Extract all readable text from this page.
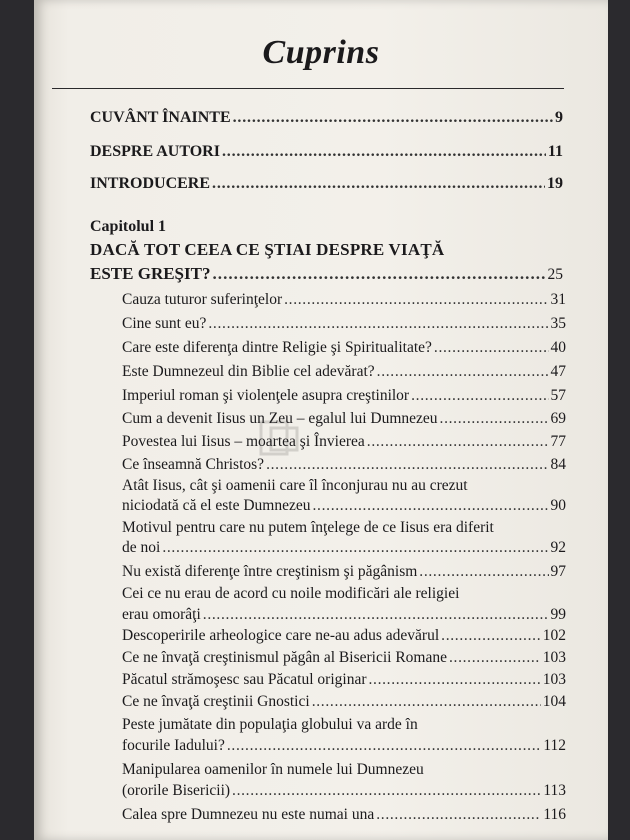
Cuprins
CUVÂNT ÎNAINTE . . .	9
DESPRE AUTORI . . .	11
INTRODUCERE . . .	19
Capitolul 1
DACĂ TOT CEEA CE ŞTIAI DESPRE VIAŢĂ
ESTE GREŞIT? . . .	25
Cauza tuturor suferinţelor . . .	31
Cine sunt eu? . . .	35
Care este diferenţa dintre Religie şi Spiritualitate? . . .	40
Este Dumnezeul din Biblie cel adevărat? . . .	47
Imperiul roman şi violenţele asupra creştinilor . . .	57
Cum a devenit Iisus un Zeu – egalul lui Dumnezeu . . .	69
Povestea lui Iisus – moartea şi Învierea . . .	77
Ce înseamnă Christos? . . .	84
Atât Iisus, cât şi oamenii care îl înconjurau nu au crezut
niciodată că el este Dumnezeu . . .	90
Motivul pentru care nu putem înţelege de ce Iisus era diferit
de noi . . .	92
Nu există diferenţe între creştinism şi păgânism . . .	97
Cei ce nu erau de acord cu noile modificări ale religiei
erau omorâţi . . .	99
Descoperirile arheologice care ne-au adus adevărul . . .	102
Ce ne învaţă creştinismul păgân al Bisericii Romane . . .	103
Păcatul strămoşesc sau Păcatul originar . . .	103
Ce ne învaţă creştinii Gnostici . . .	104
Peste jumătate din populaţia globului va arde în
focurile Iadului? . . .	112
Manipularea oamenilor în numele lui Dumnezeu
(ororile Bisericii) . . .	113
Calea spre Dumnezeu nu este numai una . . .	116
